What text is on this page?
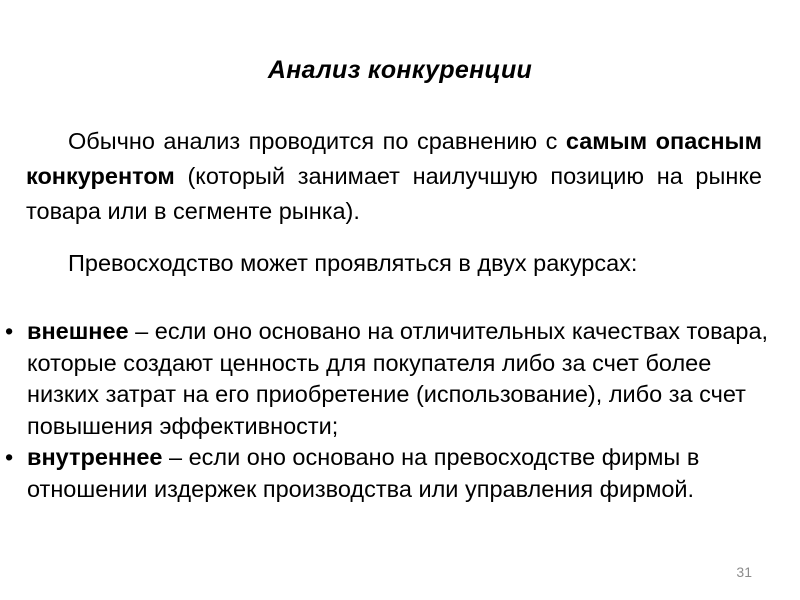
Анализ конкуренции

Обычно анализ проводится по сравнению с самым опасным конкурентом (который занимает наилучшую позицию на рынке товара или в сегменте рынка).

Превосходство может проявляться в двух ракурсах:

• внешнее – если оно основано на отличительных качествах товара, которые создают ценность для покупателя либо за счет более низких затрат на его приобретение (использование), либо за счет повышения эффективности;
• внутреннее – если оно основано на превосходстве фирмы в отношении издержек производства или управления фирмой.
31
